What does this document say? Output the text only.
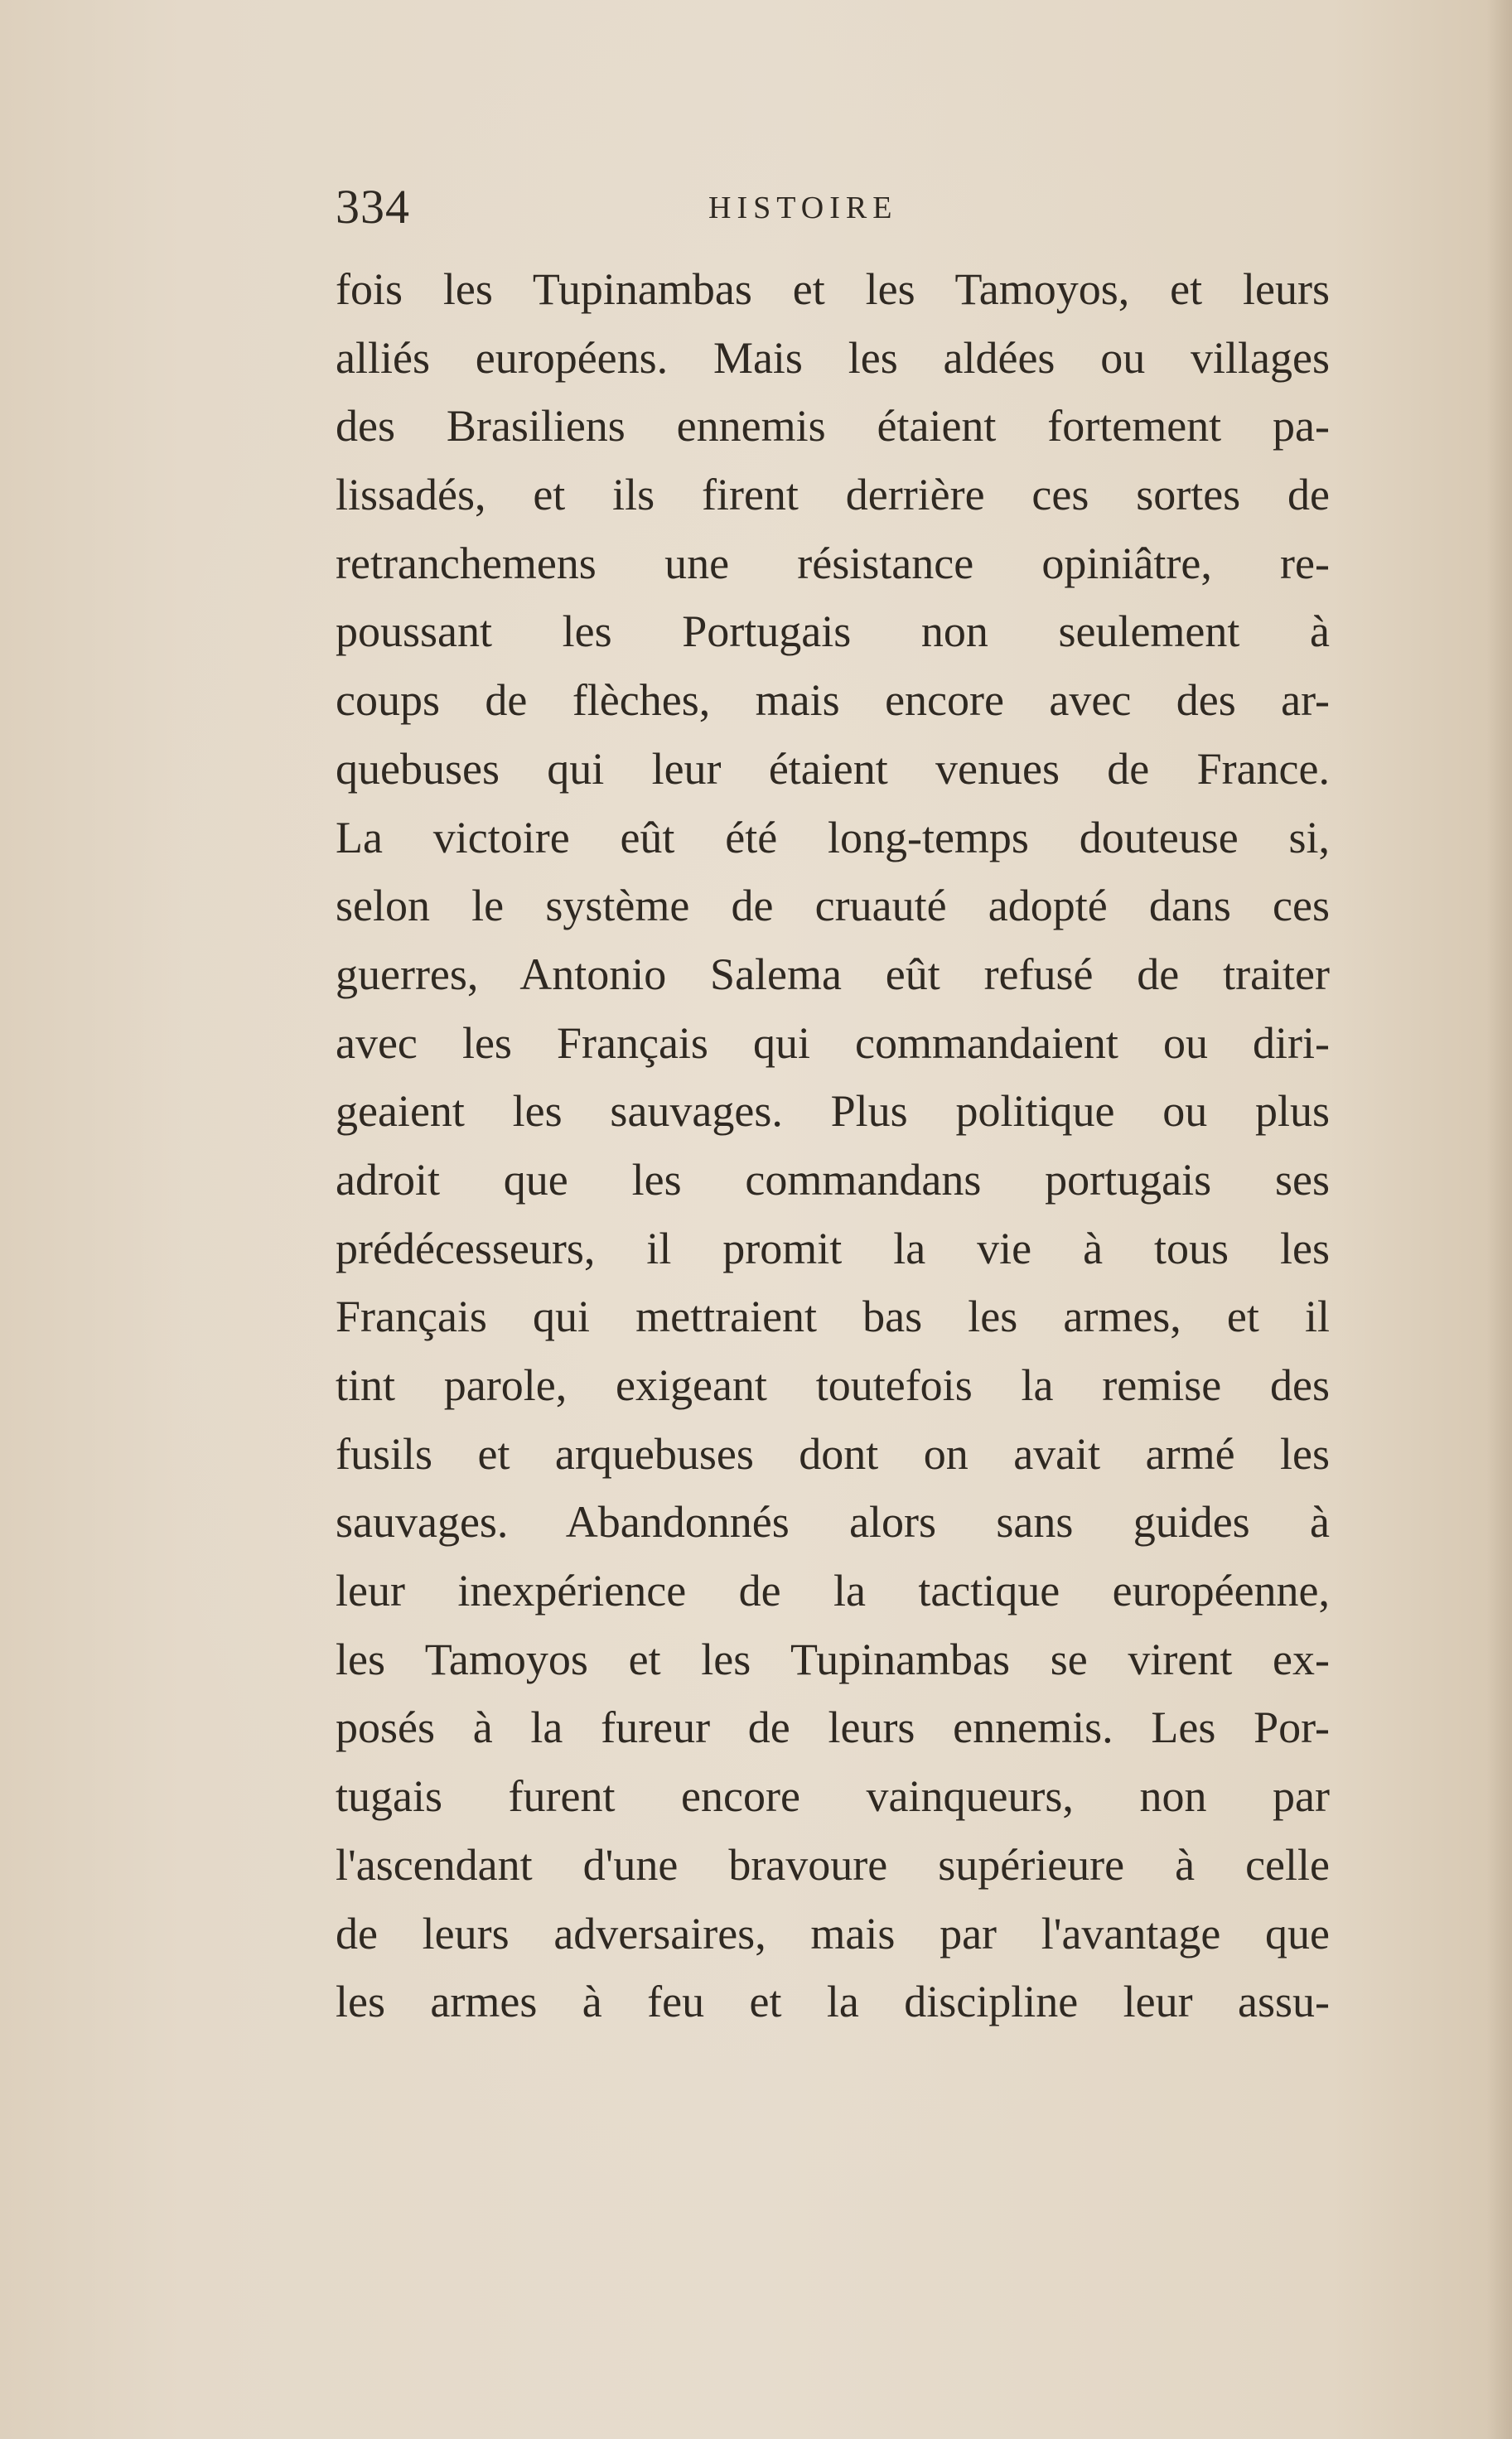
334	HISTOIRE
fois les Tupinambas et les Tamoyos, et leurs
alliés européens. Mais les aldées ou villages
des Brasiliens ennemis étaient fortement pa-
lissadés, et ils firent derrière ces sortes de
retranchemens une résistance opiniâtre, re-
poussant les Portugais non seulement à
coups de flèches, mais encore avec des ar-
quebuses qui leur étaient venues de France.
La victoire eût été long-temps douteuse si,
selon le système de cruauté adopté dans ces
guerres, Antonio Salema eût refusé de traiter
avec les Français qui commandaient ou diri-
geaient les sauvages. Plus politique ou plus
adroit que les commandans portugais ses
prédécesseurs, il promit la vie à tous les
Français qui mettraient bas les armes, et il
tint parole, exigeant toutefois la remise des
fusils et arquebuses dont on avait armé les
sauvages. Abandonnés alors sans guides à
leur inexpérience de la tactique européenne,
les Tamoyos et les Tupinambas se virent ex-
posés à la fureur de leurs ennemis. Les Por-
tugais furent encore vainqueurs, non par
l'ascendant d'une bravoure supérieure à celle
de leurs adversaires, mais par l'avantage que
les armes à feu et la discipline leur assu-
